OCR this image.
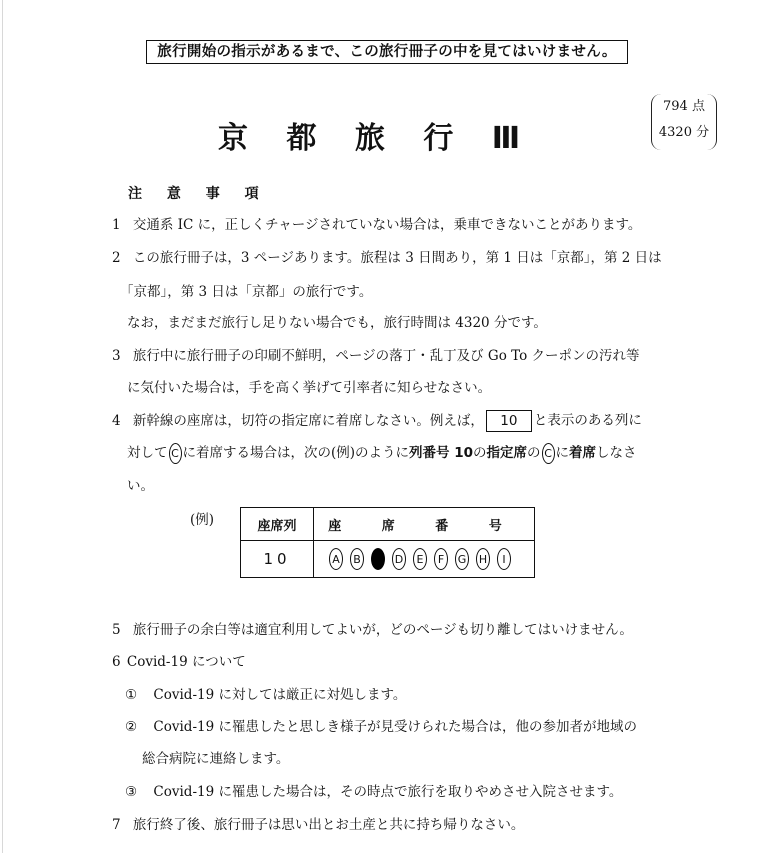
旅行開始の指示があるまで、この旅行冊子の中を見てはいけません。
京 都 旅 行 Ⅲ
794 点
4320 分
注 意 事 項
1 交通系 IC に，正しくチャージされていない場合は，乗車できないことがあります。
2 この旅行冊子は，3 ページあります。旅程は 3 日間あり，第 1 日は「京都」，第 2 日は
「京都」，第 3 日は「京都」の旅行です。
なお，まだまだ旅行し足りない場合でも，旅行時間は 4320 分です。
3 旅行中に旅行冊子の印刷不鮮明，ページの落丁・乱丁及び Go To クーポンの汚れ等
に気付いた場合は，手を高く挙げて引率者に知らせなさい。
4 新幹線の座席は，切符の指定席に着席しなさい。例えば， 10 と表示のある列に
対して C に着席する場合は，次の(例)のように列番号 10の指定席の C に着席しなさ
い。
(例)	座席列	座 席 番 号
10	A B C D E F G H I
5 旅行冊子の余白等は適宜利用してよいが，どのページも切り離してはいけません。
6 Covid-19 について
① Covid-19 に対しては厳正に対処します。
② Covid-19 に罹患したと思しき様子が見受けられた場合は，他の参加者が地域の
総合病院に連絡します。
③ Covid-19 に罹患した場合は，その時点で旅行を取りやめさせ入院させます。
7 旅行終了後、旅行冊子は思い出とお土産と共に持ち帰りなさい。
